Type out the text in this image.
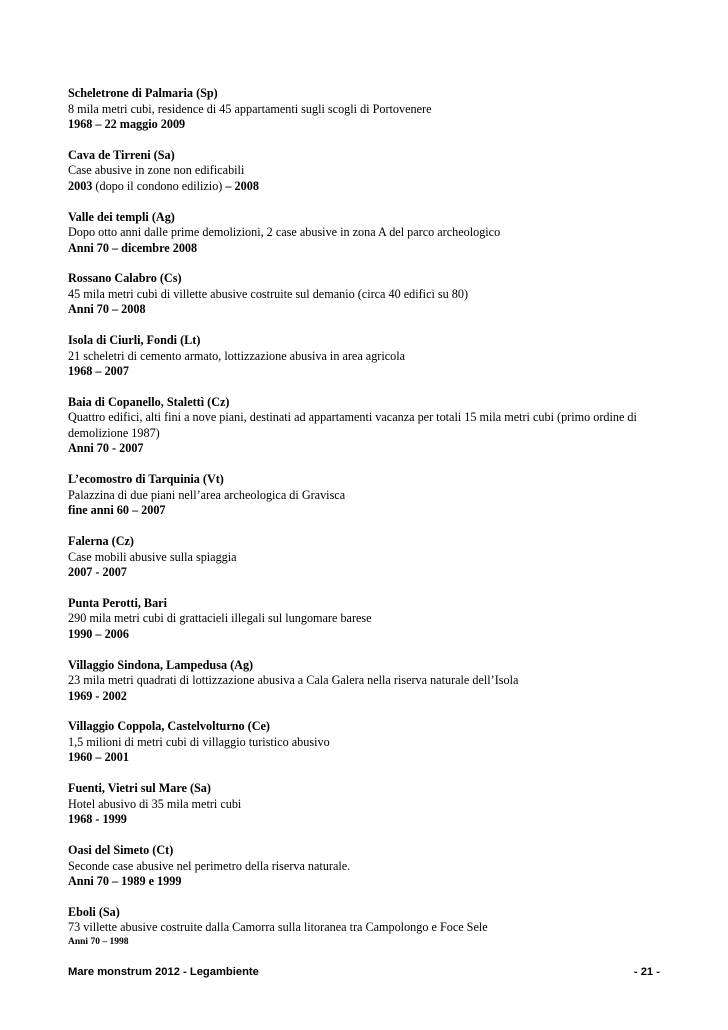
Scheletrone di Palmaria (Sp)
8 mila metri cubi, residence di 45 appartamenti sugli scogli di Portovenere
1968 – 22 maggio 2009
Cava de Tirreni (Sa)
Case abusive in zone non edificabili
2003 (dopo il condono edilizio) – 2008
Valle dei templi (Ag)
Dopo otto anni dalle prime demolizioni, 2 case abusive in zona A del parco archeologico
Anni 70 – dicembre 2008
Rossano Calabro (Cs)
45 mila metri cubi di villette abusive costruite sul demanio (circa 40 edifici su 80)
Anni 70 – 2008
Isola di Ciurli, Fondi (Lt)
21 scheletri di cemento armato, lottizzazione abusiva in area agricola
1968 – 2007
Baia di Copanello, Stalettì (Cz)
Quattro edifici, alti fini a nove piani, destinati ad appartamenti vacanza per totali 15 mila metri cubi (primo ordine di demolizione 1987)
Anni 70 - 2007
L’ecomostro di Tarquinia (Vt)
Palazzina di due piani nell’area archeologica di Gravisca
fine anni 60 – 2007
Falerna (Cz)
Case mobili abusive sulla spiaggia
2007 - 2007
Punta Perotti, Bari
290 mila metri cubi di grattacieli illegali sul lungomare barese
1990 – 2006
Villaggio Sindona, Lampedusa (Ag)
23 mila metri quadrati di lottizzazione abusiva a Cala Galera nella riserva naturale dell’Isola
1969 - 2002
Villaggio Coppola, Castelvolturno (Ce)
1,5 milioni di metri cubi di villaggio turistico abusivo
1960 – 2001
Fuenti, Vietri sul Mare (Sa)
Hotel abusivo di 35 mila metri cubi
1968 - 1999
Oasi del Simeto (Ct)
Seconde case abusive nel perimetro della riserva naturale.
Anni 70 – 1989 e 1999
Eboli (Sa)
73 villette abusive costruite dalla Camorra sulla litoranea tra Campolongo e Foce Sele
Anni 70 – 1998
Mare monstrum 2012 - Legambiente	- 21 -
